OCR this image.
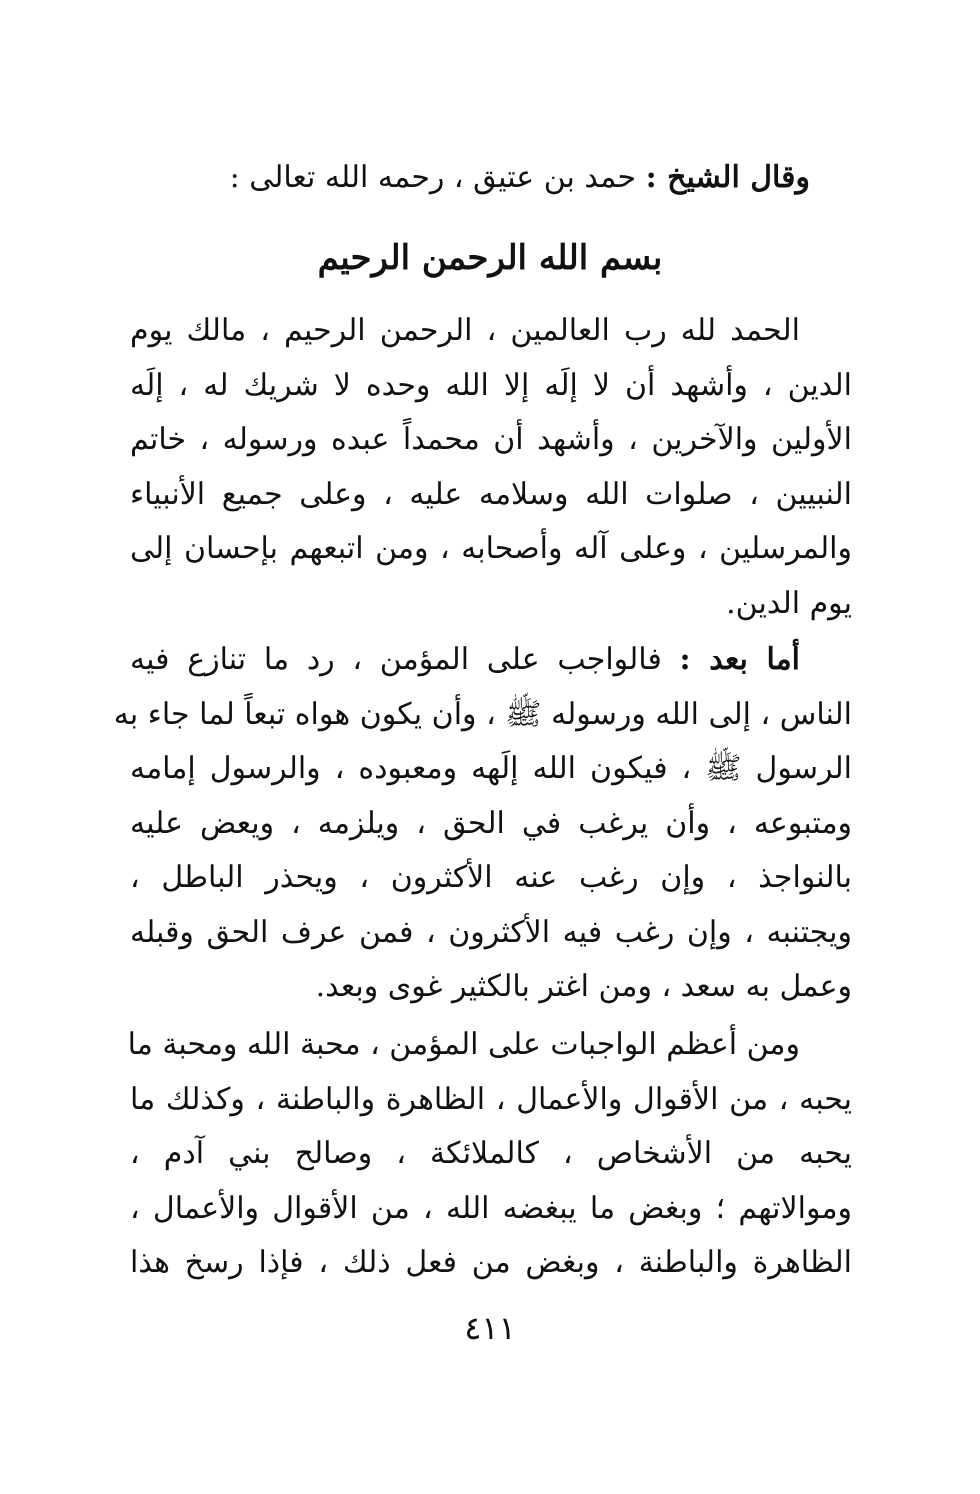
وقال الشيخ : حمد بن عتيق ، رحمه الله تعالى :
بسم الله الرحمن الرحيم
الحمد لله رب العالمين ، الرحمن الرحيم ، مالك يوم
الدين ، وأشهد أن لا إلَه إلا الله وحده لا شريك له ، إلَه
الأولين والآخرين ، وأشهد أن محمداً عبده ورسوله ، خاتم
النبيين ، صلوات الله وسلامه عليه ، وعلى جميع الأنبياء
والمرسلين ، وعلى آله وأصحابه ، ومن اتبعهم بإحسان إلى
يوم الدين.
أما بعد : فالواجب على المؤمن ، رد ما تنازع فيه
الناس ، إلى الله ورسوله ﷺ ، وأن يكون هواه تبعاً لما جاء به
الرسول ﷺ ، فيكون الله إلَهه ومعبوده ، والرسول إمامه
ومتبوعه ، وأن يرغب في الحق ، ويلزمه ، ويعض عليه
بالنواجذ ، وإن رغب عنه الأكثرون ، ويحذر الباطل ،
ويجتنبه ، وإن رغب فيه الأكثرون ، فمن عرف الحق وقبله
وعمل به سعد ، ومن اغتر بالكثير غوى وبعد.
ومن أعظم الواجبات على المؤمن ، محبة الله ومحبة ما
يحبه ، من الأقوال والأعمال ، الظاهرة والباطنة ، وكذلك ما
يحبه من الأشخاص ، كالملائكة ، وصالح بني آدم ،
وموالاتهم ؛ وبغض ما يبغضه الله ، من الأقوال والأعمال ،
الظاهرة والباطنة ، وبغض من فعل ذلك ، فإذا رسخ هذا
٤١١
